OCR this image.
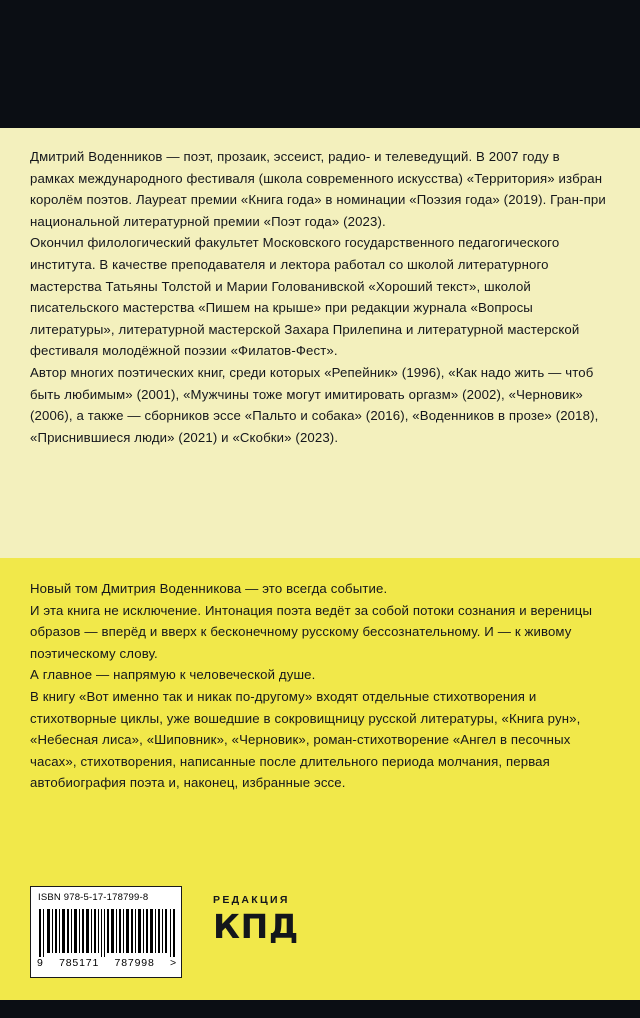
Дмитрий Воденников — поэт, прозаик, эссеист, радио- и телеведущий. В 2007 году в рамках международного фестиваля (школа современного искусства) «Территория» избран королём поэтов. Лауреат премии «Книга года» в номинации «Поэзия года» (2019). Гран-при национальной литературной премии «Поэт года» (2023).

Окончил филологический факультет Московского государственного педагогического института. В качестве преподавателя и лектора работал со школой литературного мастерства Татьяны Толстой и Марии Голованивской «Хороший текст», школой писательского мастерства «Пишем на крыше» при редакции журнала «Вопросы литературы», литературной мастерской Захара Прилепина и литературной мастерской фестиваля молодёжной поэзии «Филатов-Фест».

Автор многих поэтических книг, среди которых «Репейник» (1996), «Как надо жить — чтоб быть любимым» (2001), «Мужчины тоже могут имитировать оргазм» (2002), «Черновик» (2006), а также — сборников эссе «Пальто и собака» (2016), «Воденников в прозе» (2018), «Приснившиеся люди» (2021) и «Скобки» (2023).

Новый том Дмитрия Воденникова — это всегда событие.

И эта книга не исключение. Интонация поэта ведёт за собой потоки сознания и вереницы образов — вперёд и вверх к бесконечному русскому бессознательному. И — к живому поэтическому слову.

А главное — напрямую к человеческой душе.

В книгу «Вот именно так и никак по-другому» входят отдельные стихотворения и стихотворные циклы, уже вошедшие в сокровищницу русской литературы, «Книга рун», «Небесная лиса», «Шиповник», «Черновик», роман-стихотворение «Ангел в песочных часах», стихотворения, написанные после длительного периода молчания, первая автобиография поэта и, наконец, избранные эссе.

ISBN 978-5-17-178799-8
9 785171 787998 >
РЕДАКЦИЯ
КПД
